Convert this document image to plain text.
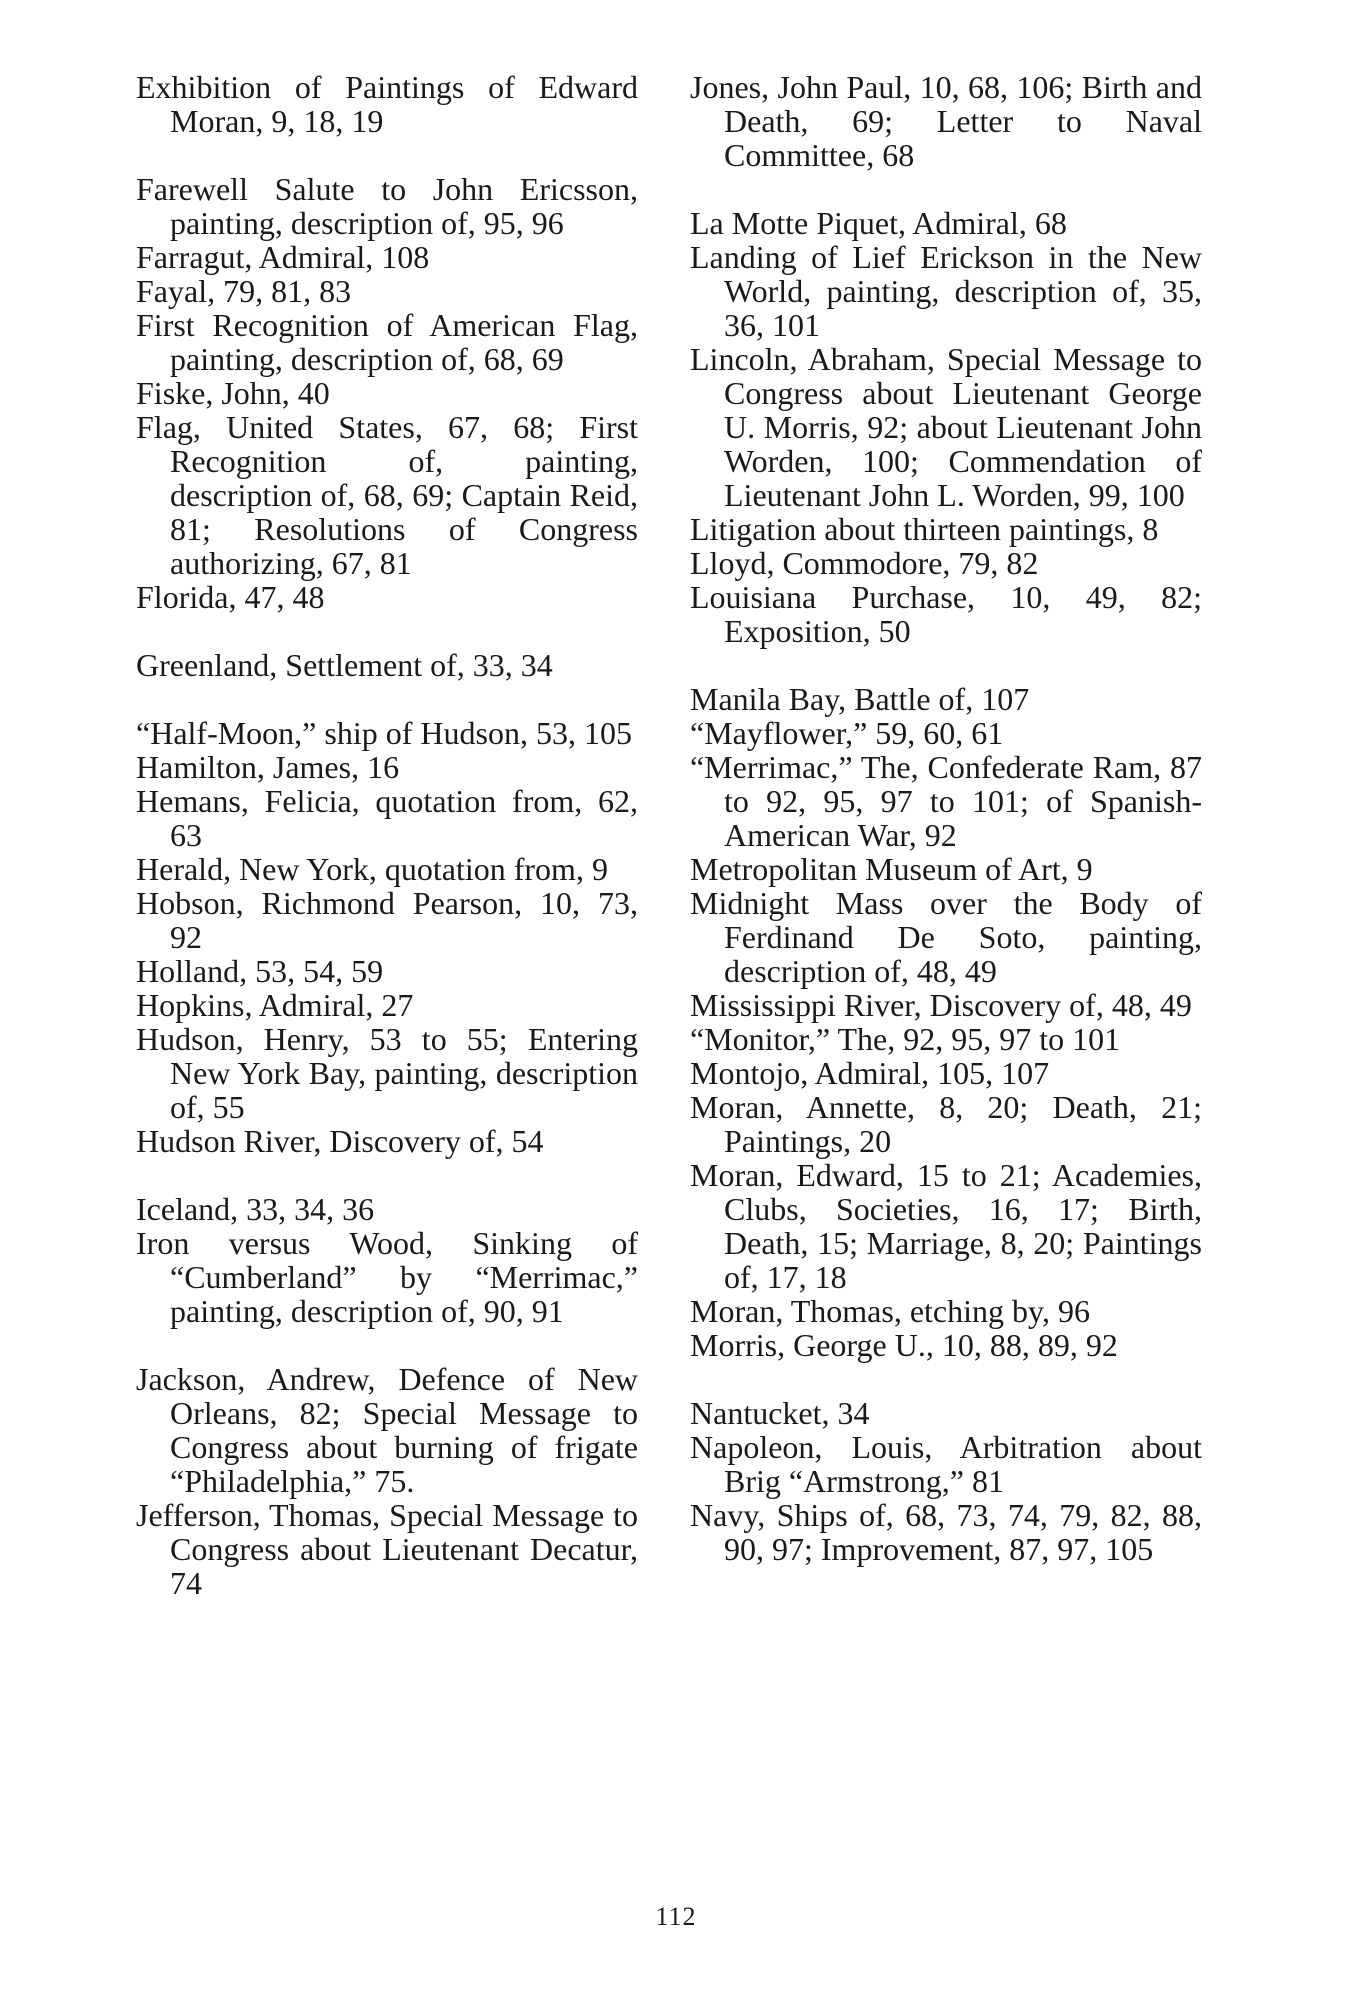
Exhibition of Paintings of Edward Moran, 9, 18, 19

Farewell Salute to John Ericsson, painting, description of, 95, 96

Farragut, Admiral, 108

Fayal, 79, 81, 83

First Recognition of American Flag, painting, description of, 68, 69

Fiske, John, 40

Flag, United States, 67, 68; First Recognition of, painting, description of, 68, 69; Captain Reid, 81; Resolutions of Congress authorizing, 67, 81

Florida, 47, 48

Greenland, Settlement of, 33, 34

“Half-Moon,” ship of Hudson, 53, 105

Hamilton, James, 16

Hemans, Felicia, quotation from, 62, 63

Herald, New York, quotation from, 9

Hobson, Richmond Pearson, 10, 73, 92

Holland, 53, 54, 59

Hopkins, Admiral, 27

Hudson, Henry, 53 to 55; Entering New York Bay, painting, description of, 55

Hudson River, Discovery of, 54

Iceland, 33, 34, 36

Iron versus Wood, Sinking of “Cumberland” by “Merrimac,” painting, description of, 90, 91

Jackson, Andrew, Defence of New Orleans, 82; Special Message to Congress about burning of frigate “Philadelphia,” 75.

Jefferson, Thomas, Special Message to Congress about Lieutenant Decatur, 74

Jones, John Paul, 10, 68, 106; Birth and Death, 69; Letter to Naval Committee, 68

La Motte Piquet, Admiral, 68

Landing of Lief Erickson in the New World, painting, description of, 35, 36, 101

Lincoln, Abraham, Special Message to Congress about Lieutenant George U. Morris, 92; about Lieutenant John Worden, 100; Commendation of Lieutenant John L. Worden, 99, 100

Litigation about thirteen paintings, 8

Lloyd, Commodore, 79, 82

Louisiana Purchase, 10, 49, 82; Exposition, 50

Manila Bay, Battle of, 107

“Mayflower,” 59, 60, 61

“Merrimac,” The, Confederate Ram, 87 to 92, 95, 97 to 101; of Spanish-American War, 92

Metropolitan Museum of Art, 9

Midnight Mass over the Body of Ferdinand De Soto, painting, description of, 48, 49

Mississippi River, Discovery of, 48, 49

“Monitor,” The, 92, 95, 97 to 101

Montojo, Admiral, 105, 107

Moran, Annette, 8, 20; Death, 21; Paintings, 20

Moran, Edward, 15 to 21; Academies, Clubs, Societies, 16, 17; Birth, Death, 15; Marriage, 8, 20; Paintings of, 17, 18

Moran, Thomas, etching by, 96

Morris, George U., 10, 88, 89, 92

Nantucket, 34

Napoleon, Louis, Arbitration about Brig “Armstrong,” 81

Navy, Ships of, 68, 73, 74, 79, 82, 88, 90, 97; Improvement, 87, 97, 105

112
